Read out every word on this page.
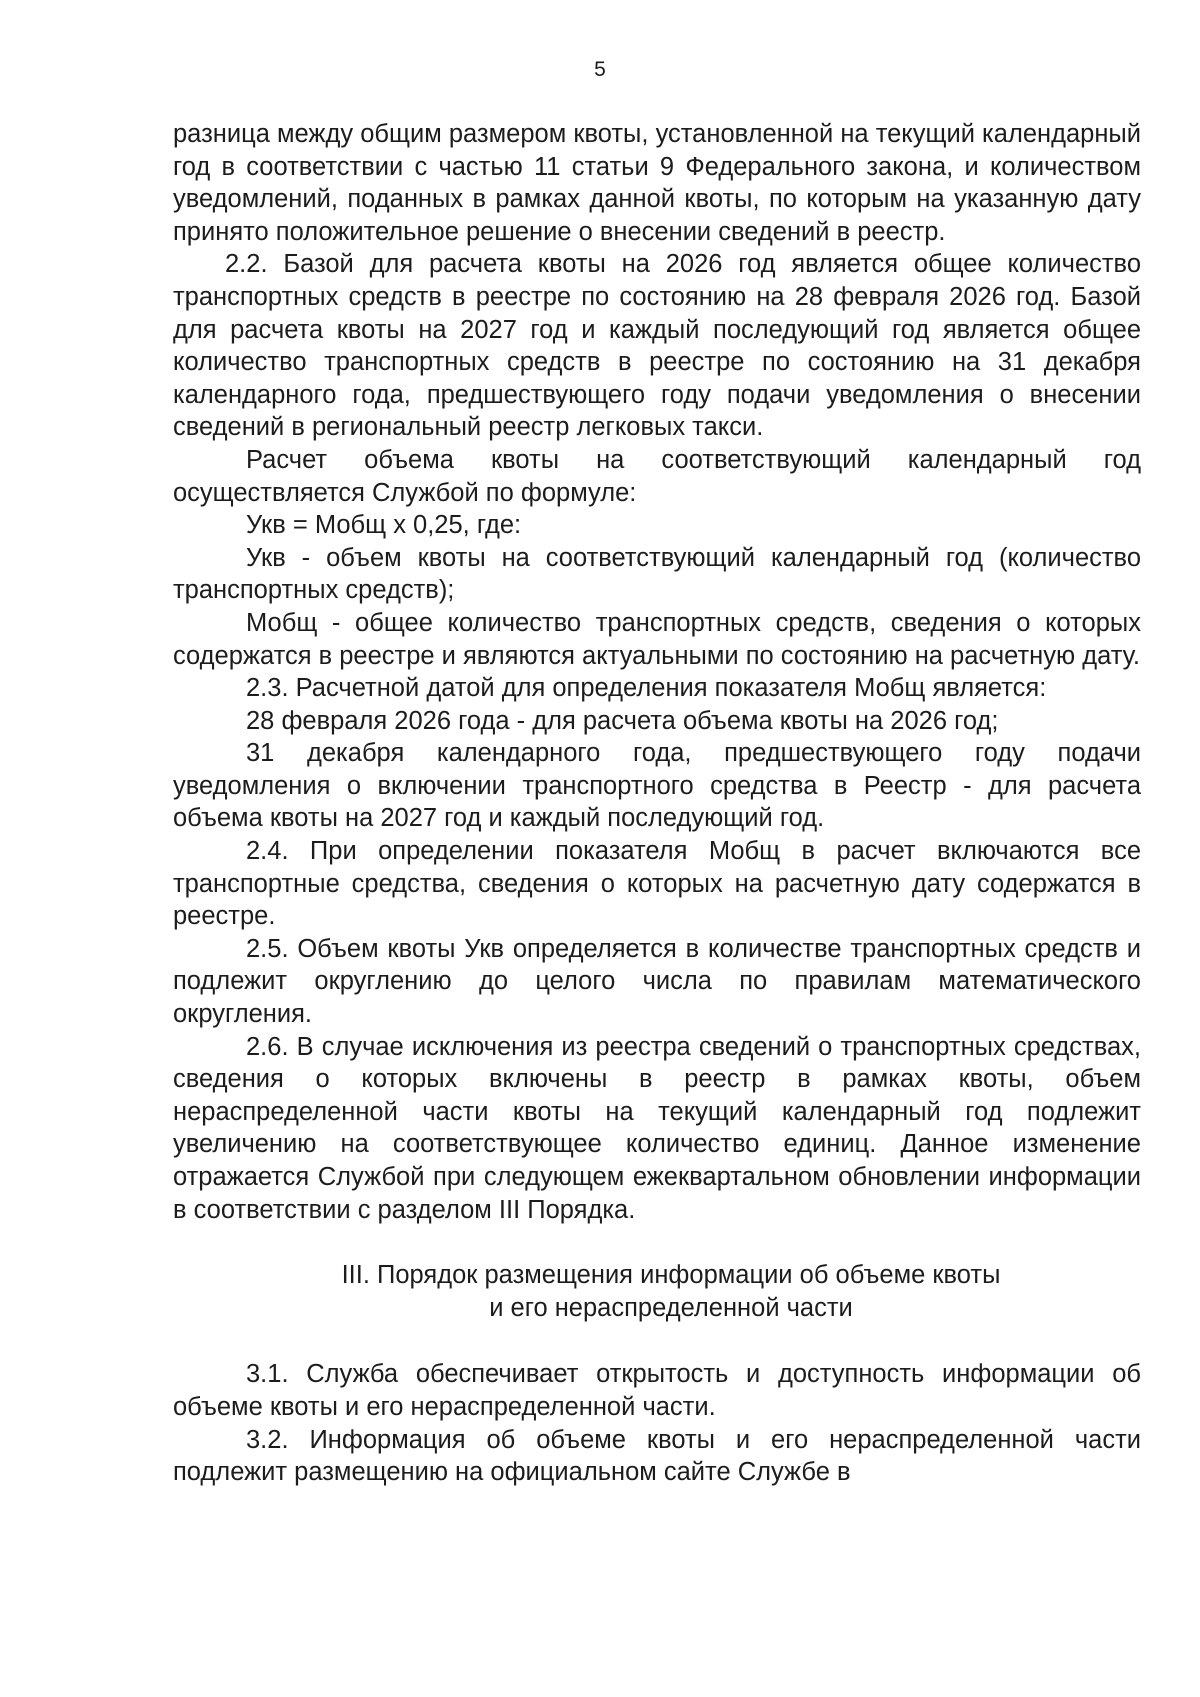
5

разница между общим размером квоты, установленной на текущий календарный год в соответствии с частью 11 статьи 9 Федерального закона, и количеством уведомлений, поданных в рамках данной квоты, по которым на указанную дату принято положительное решение о внесении сведений в реестр.

2.2. Базой для расчета квоты на 2026 год является общее количество транспортных средств в реестре по состоянию на 28 февраля 2026 год. Базой для расчета квоты на 2027 год и каждый последующий год является общее количество транспортных средств в реестре по состоянию на 31 декабря календарного года, предшествующего году подачи уведомления о внесении сведений в региональный реестр легковых такси.

Расчет объема квоты на соответствующий календарный год осуществляется Службой по формуле:

Укв = Мобщ х 0,25, где:

Укв - объем квоты на соответствующий календарный год (количество транспортных средств);

Мобщ - общее количество транспортных средств, сведения о которых содержатся в реестре и являются актуальными по состоянию на расчетную дату.

2.3. Расчетной датой для определения показателя Мобщ является:

28 февраля 2026 года - для расчета объема квоты на 2026 год;

31 декабря календарного года, предшествующего году подачи уведомления о включении транспортного средства в Реестр - для расчета объема квоты на 2027 год и каждый последующий год.

2.4. При определении показателя Мобщ в расчет включаются все транспортные средства, сведения о которых на расчетную дату содержатся в реестре.

2.5. Объем квоты Укв определяется в количестве транспортных средств и подлежит округлению до целого числа по правилам математического округления.

2.6. В случае исключения из реестра сведений о транспортных средствах, сведения о которых включены в реестр в рамках квоты, объем нераспределенной части квоты на текущий календарный год подлежит увеличению на соответствующее количество единиц. Данное изменение отражается Службой при следующем ежеквартальном обновлении информации в соответствии с разделом III Порядка.

III. Порядок размещения информации об объеме квоты
и его нераспределенной части

3.1. Служба обеспечивает открытость и доступность информации об объеме квоты и его нераспределенной части.

3.2. Информация об объеме квоты и его нераспределенной части подлежит размещению на официальном сайте Службе в
